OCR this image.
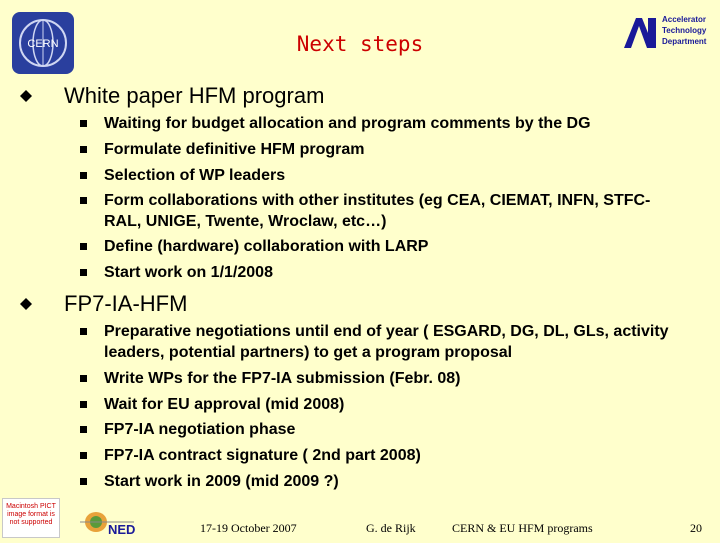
CERN
Accelerator
Technology
Department
Next steps
White paper HFM program
Waiting for budget allocation and program comments by the DG
Formulate definitive HFM program
Selection of WP leaders
Form collaborations with other institutes (eg CEA, CIEMAT, INFN, STFC-RAL, UNIGE, Twente, Wroclaw, etc…)
Define (hardware) collaboration with LARP
Start work on 1/1/2008
FP7-IA-HFM
Preparative negotiations until end of year ( ESGARD, DG, DL, GLs, activity leaders, potential partners) to get a program proposal
Write WPs for the FP7-IA submission (Febr. 08)
Wait for EU approval (mid 2008)
FP7-IA negotiation phase
FP7-IA contract signature ( 2nd part 2008)
Start work in 2009 (mid 2009 ?)
Macintosh PICT image format is not supported	NED	17-19 October 2007	G. de Rijk	CERN & EU HFM programs	20
